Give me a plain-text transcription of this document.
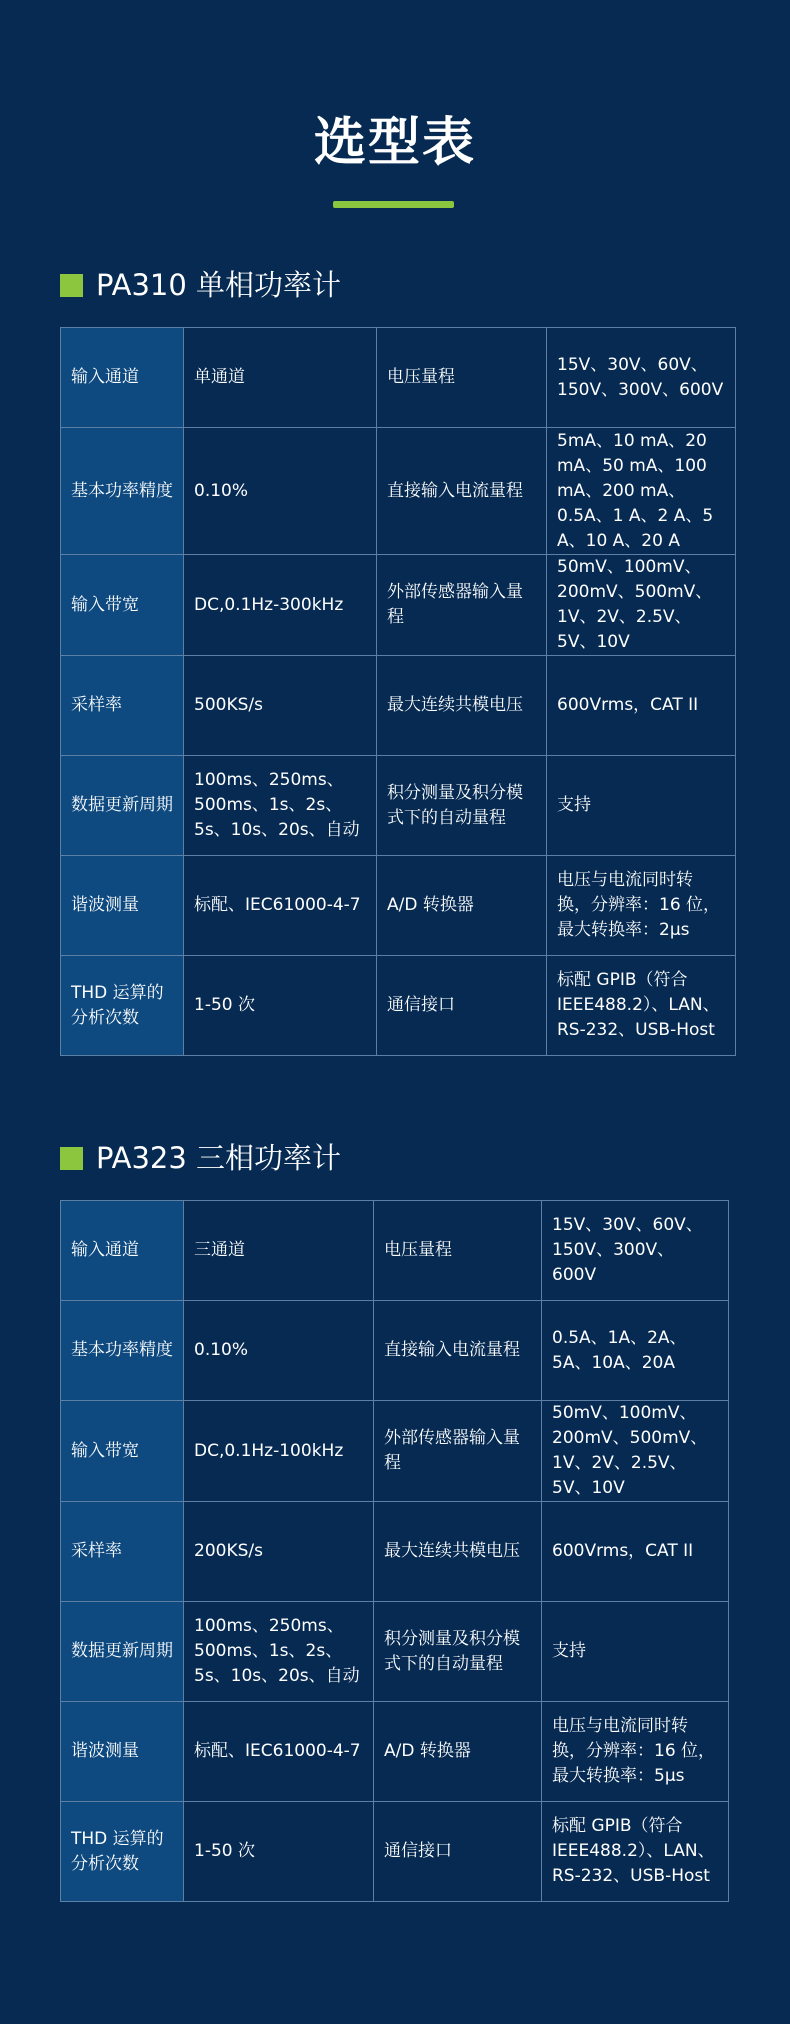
选型表
PA310 单相功率计
输入通道	单通道	电压量程	15V、30V、60V、 150V、300V、600V
基本功率精度	0.10%	直接输入电流量程	5mA、10 mA、20 mA、50 mA、100 mA、200 mA、0.5A、1 A、2 A、5 A、10 A、20 A
输入带宽	DC,0.1Hz-300kHz	外部传感器输入量程	50mV、100mV、200mV、500mV、1V、2V、2.5V、5V、10V
采样率	500KS/s	最大连续共模电压	600Vrms，CAT II
数据更新周期	100ms、250ms、500ms、1s、2s、5s、10s、20s、自动	积分测量及积分模式下的自动量程	支持
谐波测量	标配、IEC61000-4-7	A/D 转换器	电压与电流同时转换，分辨率：16 位，最大转换率：2μs
THD 运算的分析次数	1-50 次	通信接口	标配 GPIB（符合 IEEE488.2）、LAN、RS-232、USB-Host
PA323 三相功率计
输入通道	三通道	电压量程	15V、30V、60V、150V、300V、600V
基本功率精度	0.10%	直接输入电流量程	0.5A、1A、2A、5A、10A、20A
输入带宽	DC,0.1Hz-100kHz	外部传感器输入量程	50mV、100mV、200mV、500mV、1V、2V、2.5V、5V、10V
采样率	200KS/s	最大连续共模电压	600Vrms，CAT II
数据更新周期	100ms、250ms、500ms、1s、2s、5s、10s、20s、自动	积分测量及积分模式下的自动量程	支持
谐波测量	标配、IEC61000-4-7	A/D 转换器	电压与电流同时转换，分辨率：16 位，最大转换率：5μs
THD 运算的分析次数	1-50 次	通信接口	标配 GPIB（符合 IEEE488.2）、LAN、RS-232、USB-Host
